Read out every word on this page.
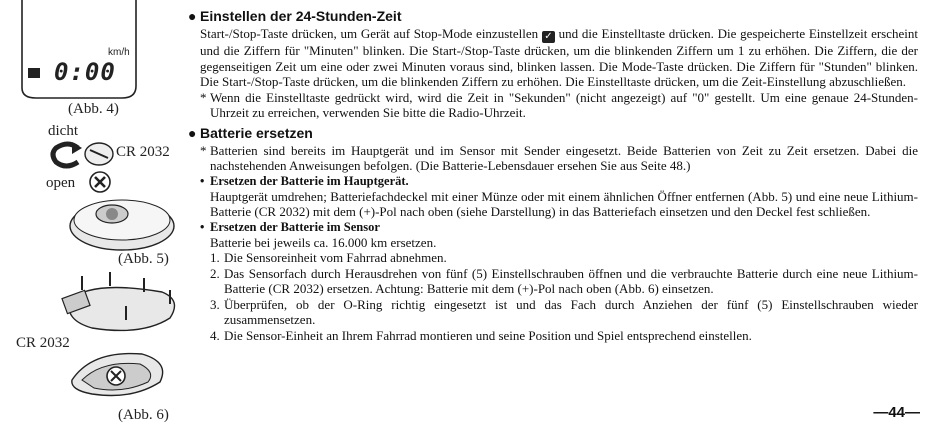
km/h
0:00
(Abb. 4)
dicht
CR 2032
open
(Abb. 5)
CR 2032
(Abb. 6)
● Einstellen der 24-Stunden-Zeit
Start-/Stop-Taste drücken, um Gerät auf Stop-Mode einzustellen ✓ und die Einstelltaste drücken. Die gespeicherte Einstellzeit erscheint und die Ziffern für "Minuten" blinken. Die Start-/Stop-Taste drücken, um die blinkenden Ziffern um 1 zu erhöhen. Die Ziffern, die der gegenseitigen Zeit um eine oder zwei Minuten voraus sind, blinken lassen. Die Mode-Taste drücken. Die Ziffern für "Stunden" blinken. Die Start-/Stop-Taste drücken, um die blinkenden Ziffern zu erhöhen. Die Einstelltaste drücken, um die Zeit-Einstellung abzuschließen.
* Wenn die Einstelltaste gedrückt wird, wird die Zeit in "Sekunden" (nicht angezeigt) auf "0" gestellt. Um eine genaue 24-Stunden-Uhrzeit zu erreichen, verwenden Sie bitte die Radio-Uhrzeit.
● Batterie ersetzen
* Batterien sind bereits im Hauptgerät und im Sensor mit Sender eingesetzt. Beide Batterien von Zeit zu Zeit ersetzen. Dabei die nachstehenden Anweisungen befolgen. (Die Batterie-Lebensdauer ersehen Sie aus Seite 48.)
• Ersetzen der Batterie im Hauptgerät.
Hauptgerät umdrehen; Batteriefachdeckel mit einer Münze oder mit einem ähnlichen Öffner entfernen (Abb. 5) und eine neue Lithium-Batterie (CR 2032) mit dem (+)-Pol nach oben (siehe Darstellung) in das Batteriefach einsetzen und den Deckel fest schließen.
• Ersetzen der Batterie im Sensor
Batterie bei jeweils ca. 16.000 km ersetzen.
1. Die Sensoreinheit vom Fahrrad abnehmen.
2. Das Sensorfach durch Herausdrehen von fünf (5) Einstellschrauben öffnen und die verbrauchte Batterie durch eine neue Lithium-Batterie (CR 2032) ersetzen. Achtung: Batterie mit dem (+)-Pol nach oben (Abb. 6) einsetzen.
3. Überprüfen, ob der O-Ring richtig eingesetzt ist und das Fach durch Anziehen der fünf (5) Einstellschrauben wieder zusammensetzen.
4. Die Sensor-Einheit an Ihrem Fahrrad montieren und seine Position und Spiel entsprechend einstellen.
—44—
